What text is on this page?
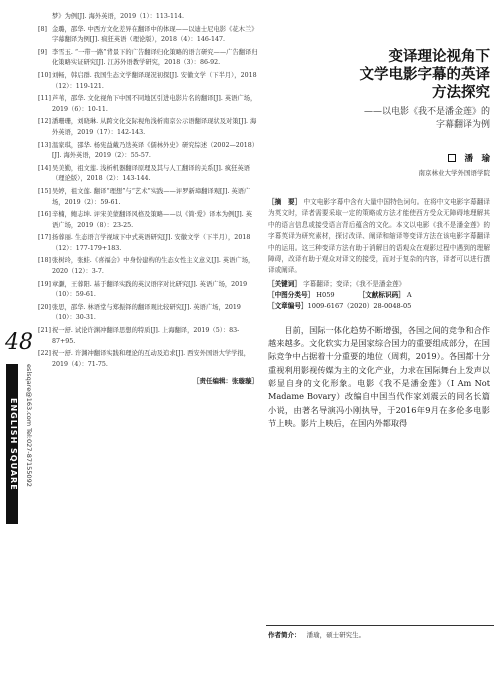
48
ENGLISH SQUARE	eslsqare@163.com Tel:027-87155092
梦》为例[J]. 海外英语，2019（1）：113-114.
[8] 金璐，邵华. 中西方文化差异在翻译中的体现——以迪士尼电影《花木兰》字幕翻译为例[J]. 疯狂英语（理论版），2018（4）：146-147.
[9] 李雪玉. “一带一路”背景下的广告翻译归化策略的语言研究——广告翻译归化策略实证研究[J]. 江苏外语教学研究，2018（3）：86-92.
[10] 刘畅，韩启群. 我国生态文学翻译现况初探[J]. 安徽文学（下半月），2018（12）：119-121.
[11] 芦苇，邵华. 文化视角下中国不同地区引进电影片名的翻译[J]. 英语广场，2019（6）：10-11.
[12] 潘珊珊，刘晓琳. 从跨文化交际视角浅析南京公示语翻译现状及对策[J]. 海外英语，2019（17）：142-143.
[13] 温家琪，邵华. 杨宪益戴乃迭英译《儒林外史》研究综述（2002—2018）[J]. 海外英语，2019（2）：55-57.
[14] 吴美勤，祖文莲. 浅析机器翻译原理及其与人工翻译的关系[J]. 疯狂英语（理论版），2018（2）：143-144.
[15] 吴婷，祖文莲. 翻译“理想”与“艺术”实践——评罗新璋翻译观[J]. 英语广场，2019（2）：59-61.
[16] 辛楠，鲍志坤. 评宋美蒙翻译风格及策略——以《简·爱》译本为例[J]. 英语广场，2019（8）：23-25.
[17] 扬蓉丽. 生态语言学视域下中式英语研究[J]. 安徽文学（下半月），2018（12）：177-179+183.
[18] 张树玲，张蛙.《喜福会》中身份建构的生态女性主义意义[J]. 英语广场，2020（12）：3-7.
[19] 章灏，王蓉阳. 基于翻译实践的英汉语序对比研究[J]. 英语广场，2019（10）：59-61.
[20] 张思，邵华. 林语堂与郑振铎的翻译观比较研究[J]. 英语广场，2019（10）：30-31.
[21] 祝一舒. 试论许渊冲翻译思想的特质[J]. 上海翻译，2019（5）：83-87+95.
[22] 祝一舒. 许渊冲翻译实践和理论的互动及追求[J]. 西安外国语大学学报，2019（4）：71-75.
［责任编辑：张璇璇］
变译理论视角下
文学电影字幕的英译
方法探究
——以电影《我不是潘金莲》的
字幕翻译为例
潘　瑜
南京林业大学外国语学院
［摘　要］ 中文电影字幕中含有大量中国特色词句。在将中文电影字幕翻译为英文时，译者需要采取一定的策略或方法才能使西方受众无障碍地理解其中的语言信息或接受语言背后蕴含的文化。本文以电影《我不是潘金莲》的字幕英译为研究素材，探讨改译、阐译和缩译等变译方法在该电影字幕翻译中的运用。这三种变译方法有助于消解目的语观众在观影过程中遇到的理解障碍，改译有助于观众对译文的接受，而对于复杂的内容，译者可以进行撰译或阐译。
［关键词］ 字幕翻译；变译；《我不是潘金莲》
［中图分类号］ H059	［文献标识码］ A
［文章编号］ 1009-6167（2020）28-0048-05
目前，国际一体化趋势不断增强，各国之间的竞争和合作越来越多。文化软实力是国家综合国力的重要组成部分，在国际竞争中占据着十分重要的地位（周莉，2019）。各国都十分重视利用影视传媒为主的文化产业，力求在国际舞台上发声以彰显自身的文化形象。电影《我不是潘金莲》（I Am Not Madame Bovary）改编自中国当代作家刘震云的同名长篇小说，由著名导演冯小刚执导，于2016年9月在多伦多电影节上映。影片上映后，在国内外都取得
作者简介： 潘瑜，硕士研究生。
